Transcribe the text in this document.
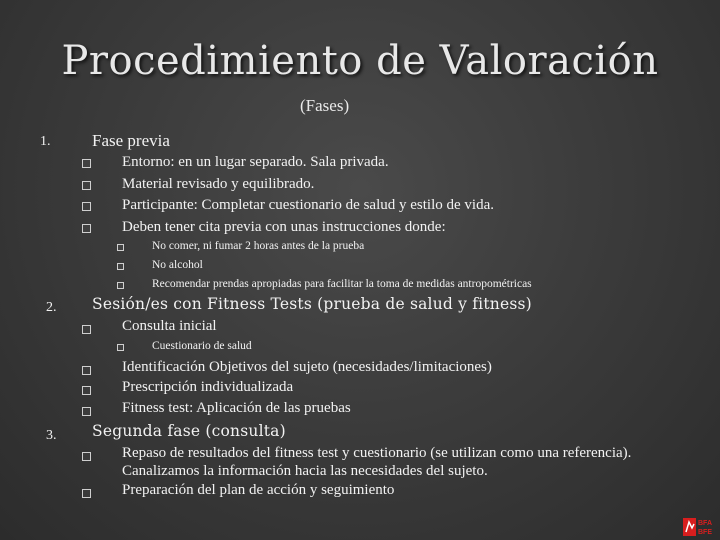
Procedimiento de Valoración
(Fases)
1. Fase previa
Entorno: en un lugar separado. Sala privada.
Material revisado y equilibrado.
Participante: Completar cuestionario de salud y estilo de vida.
Deben tener cita previa con unas instrucciones donde:
No comer, ni fumar 2 horas antes de la prueba
No alcohol
Recomendar prendas apropiadas para facilitar la toma de medidas antropométricas
2. Sesión/es con Fitness Tests (prueba de salud y fitness)
Consulta inicial
Cuestionario de salud
Identificación Objetivos del sujeto (necesidades/limitaciones)
Prescripción individualizada
Fitness test: Aplicación de las pruebas
3. Segunda fase (consulta)
Repaso de resultados del fitness test y cuestionario (se utilizan como una referencia). Canalizamos la información hacia las necesidades del sujeto.
Preparación del plan de acción y seguimiento
BFA
BFE
